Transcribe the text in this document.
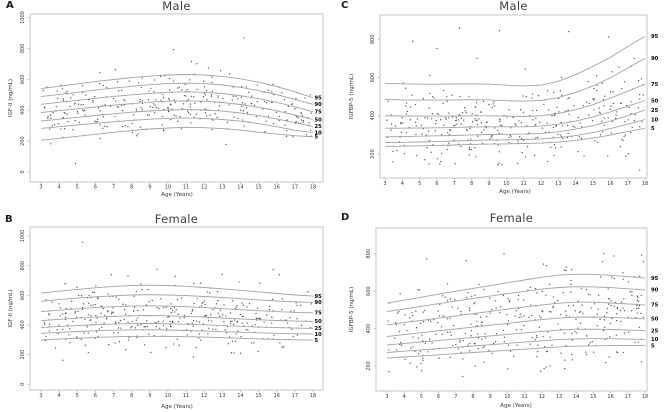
A	Male
3	4	5	6	7	8	9	10 11 12 13 14 15 16 17 18
0
200
400
600
800
1000
IGF-II (ng/mL)
Age (Years)
95
90
75
50
25
10
5
B	Female
3	4	5	6	7	8	9	10 11 12 13 14 15 16 17 18
0
200
400
600
800
1000
IGF-II (ng/mL)
Age (Years)
95
90
75
50
25
10
5
C	Male
3	4	5	6	7	8	9	10 11 12 13 14 15 16 17 18
200
400
600
800
IGFBP-5 (ng/mL)
Age (Years)
95
90
75
50
25
10
5
D	Female
3	4	5	6	7	8	9 10 11 12 13 14 15 16 17 18
200
400
600
800
IGFBP-5 (ng/mL)
Age (Years)
95
90
75
50
25
10
5
